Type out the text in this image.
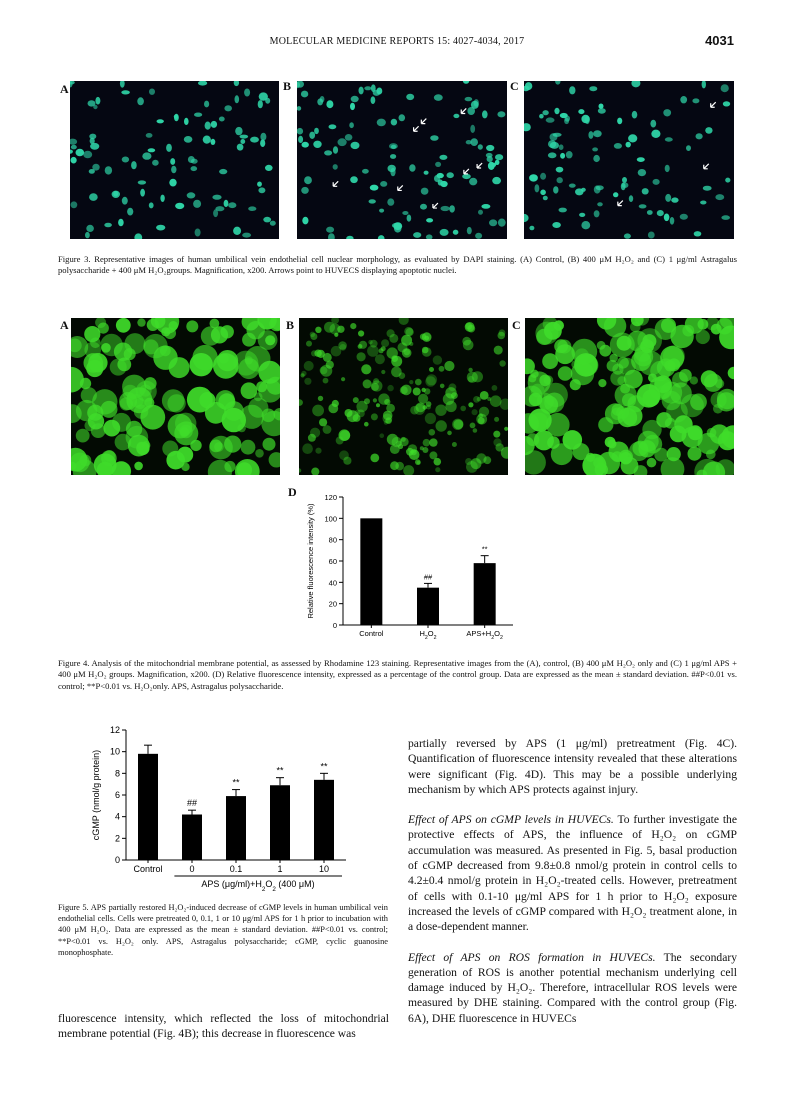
MOLECULAR MEDICINE REPORTS 15: 4027-4034, 2017	4031
A	B	C
Figure 3. Representative images of human umbilical vein endothelial cell nuclear morphology, as evaluated by DAPI staining. (A) Control, (B) 400 μM H₂O₂ and (C) 1 μg/ml Astragalus polysaccharide + 400 μM H₂O₂groups. Magnification, x200. Arrows point to HUVECS displaying apoptotic nuclei.
A	B	C
D
0
20
40
60
80
100
120
Relative fluorescence intensity (%)
Control
##
$H_2O_2$
**
$APS+H_2O_2$
Figure 4. Analysis of the mitochondrial membrane potential, as assessed by Rhodamine 123 staining. Representative images from the (A), control, (B) 400 μM H₂O₂ only and (C) 1 μg/ml APS + 400 μM H₂O₂ groups. Magnification, x200. (D) Relative fluorescence intensity, expressed as a percentage of the control group. Data are expressed as the mean ± standard deviation. ##P<0.01 vs. control; **P<0.01 vs. H₂O₂only. APS, Astragalus polysaccharide.
0
2
4
6
8
10
12
cGMP (nmol/g protein)
Control
##
0
**
0.1
**
1
**
10
APS $(\mu g/ml)+H_2O_2$ (400 μM)
Figure 5. APS partially restored H₂O₂-induced decrease of cGMP levels in human umbilical vein endothelial cells. Cells were pretreated 0, 0.1, 1 or 10 μg/ml APS for 1 h prior to incubation with 400 μM H₂O₂. Data are expressed as the mean ± standard deviation. ##P<0.01 vs. control; **P<0.01 vs. H₂O₂ only. APS, Astragalus polysaccharide; cGMP, cyclic guanosine monophosphate.

fluorescence intensity, which reflected the loss of mitochondrial membrane potential (Fig. 4B); this decrease in fluorescence was

partially reversed by APS (1 μg/ml) pretreatment (Fig. 4C). Quantification of fluorescence intensity revealed that these alterations were significant (Fig. 4D). This may be a possible underlying mechanism by which APS protects against injury.

Effect of APS on cGMP levels in HUVECs. To further investigate the protective effects of APS, the influence of H₂O₂ on cGMP accumulation was measured. As presented in Fig. 5, basal production of cGMP decreased from 9.8±0.8 nmol/g protein in control cells to 4.2±0.4 nmol/g protein in H₂O₂-treated cells. However, pretreatment of cells with 0.1-10 μg/ml APS for 1 h prior to H₂O₂ exposure increased the levels of cGMP compared with H₂O₂ treatment alone, in a dose-dependent manner.

Effect of APS on ROS formation in HUVECs. The secondary generation of ROS is another potential mechanism underlying cell damage induced by H₂O₂. Therefore, intracellular ROS levels were measured by DHE staining. Compared with the control group (Fig. 6A), DHE fluorescence in HUVECs
